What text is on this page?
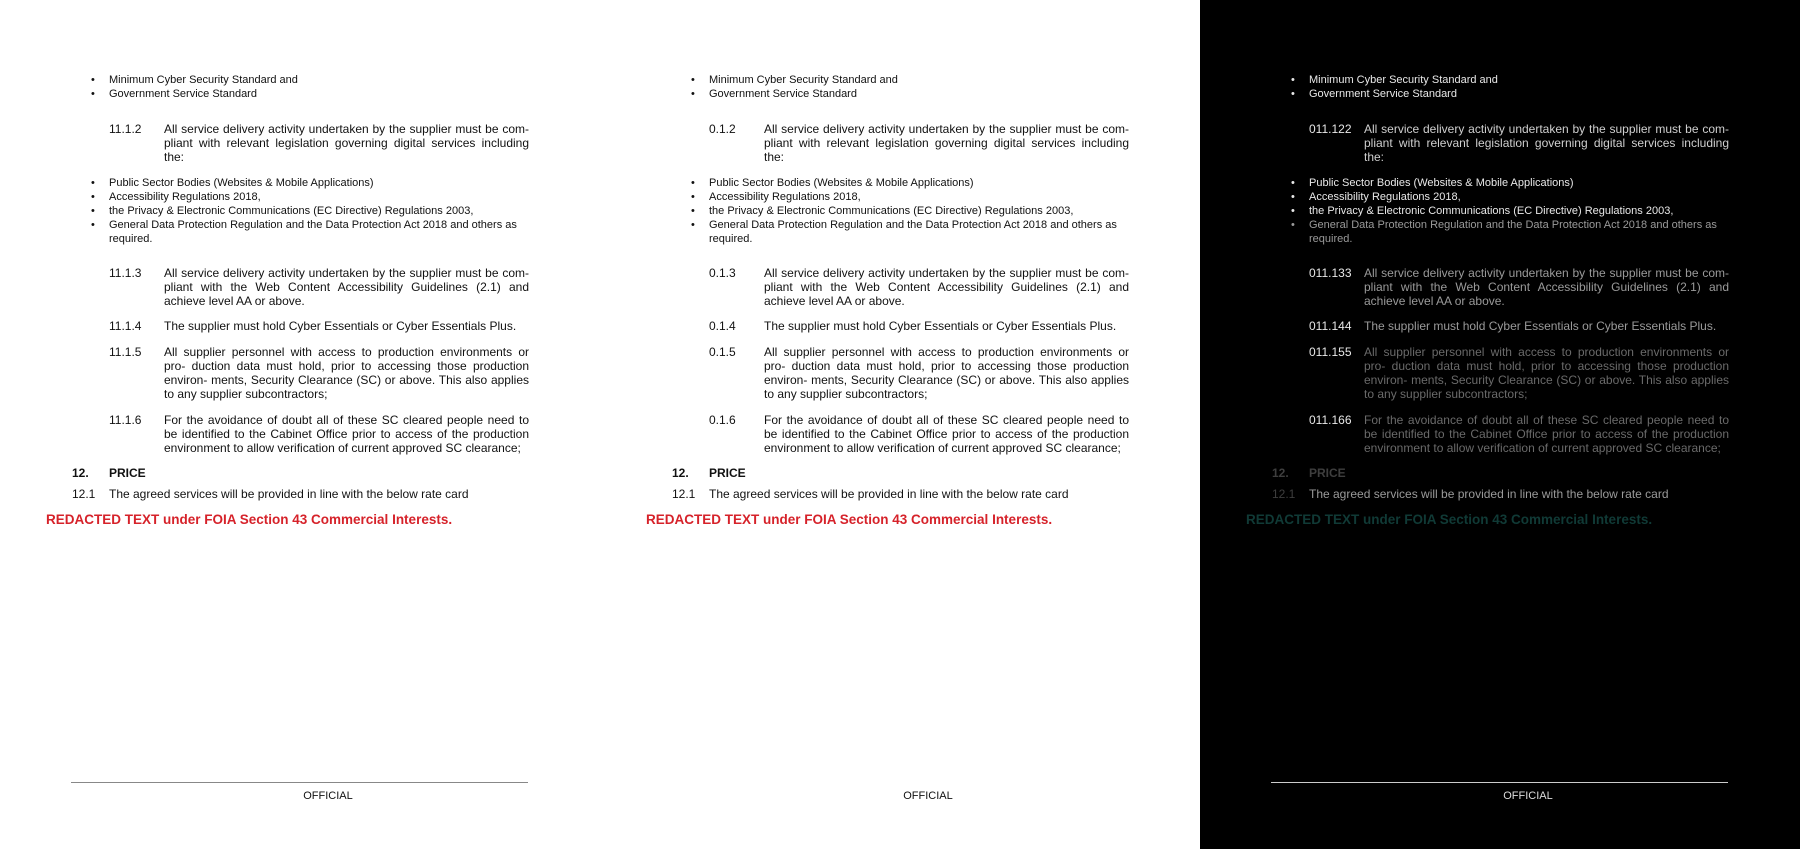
• Minimum Cyber Security Standard and

• Government Service Standard

11.1.2	All service delivery activity undertaken by the supplier must be com- pliant with relevant legislation governing digital services including the:
• Public Sector Bodies (Websites & Mobile Applications)

• Accessibility Regulations 2018,

• the Privacy & Electronic Communications (EC Directive) Regulations 2003,

• General Data Protection Regulation and the Data Protection Act 2018 and others as required.

11.1.3	All service delivery activity undertaken by the supplier must be com- pliant with the Web Content Accessibility Guidelines (2.1) and achieve level AA or above.
11.1.4	The supplier must hold Cyber Essentials or Cyber Essentials Plus.
11.1.5	All supplier personnel with access to production environments or pro- duction data must hold, prior to accessing those production environ- ments, Security Clearance (SC) or above. This also applies to any supplier subcontractors;
11.1.6	For the avoidance of doubt all of these SC cleared people need to be identified to the Cabinet Office prior to access of the production environment to allow verification of current approved SC clearance;
12. PRICE
12.1 The agreed services will be provided in line with the below rate card
REDACTED TEXT under FOIA Section 43 Commercial Interests.
OFFICIAL
• Minimum Cyber Security Standard and

• Government Service Standard

0.1.2	All service delivery activity undertaken by the supplier must be com- pliant with relevant legislation governing digital services including the:
• Public Sector Bodies (Websites & Mobile Applications)

• Accessibility Regulations 2018,

• the Privacy & Electronic Communications (EC Directive) Regulations 2003,

• General Data Protection Regulation and the Data Protection Act 2018 and others as required.

0.1.3	All service delivery activity undertaken by the supplier must be com- pliant with the Web Content Accessibility Guidelines (2.1) and achieve level AA or above.
0.1.4	The supplier must hold Cyber Essentials or Cyber Essentials Plus.
0.1.5	All supplier personnel with access to production environments or pro- duction data must hold, prior to accessing those production environ- ments, Security Clearance (SC) or above. This also applies to any supplier subcontractors;
0.1.6	For the avoidance of doubt all of these SC cleared people need to be identified to the Cabinet Office prior to access of the production environment to allow verification of current approved SC clearance;
12. PRICE
12.1 The agreed services will be provided in line with the below rate card
REDACTED TEXT under FOIA Section 43 Commercial Interests.
OFFICIAL
• Minimum Cyber Security Standard and

• Government Service Standard

011.122	All service delivery activity undertaken by the supplier must be com- pliant with relevant legislation governing digital services including the:
• Public Sector Bodies (Websites & Mobile Applications)

• Accessibility Regulations 2018,

• the Privacy & Electronic Communications (EC Directive) Regulations 2003,

• General Data Protection Regulation and the Data Protection Act 2018 and others as required.

011.133	All service delivery activity undertaken by the supplier must be com- pliant with the Web Content Accessibility Guidelines (2.1) and achieve level AA or above.
011.144	The supplier must hold Cyber Essentials or Cyber Essentials Plus.
011.155	All supplier personnel with access to production environments or pro- duction data must hold, prior to accessing those production environ- ments, Security Clearance (SC) or above. This also applies to any supplier subcontractors;
011.166	For the avoidance of doubt all of these SC cleared people need to be identified to the Cabinet Office prior to access of the production environment to allow verification of current approved SC clearance;
12. PRICE
12.1 The agreed services will be provided in line with the below rate card
REDACTED TEXT under FOIA Section 43 Commercial Interests.
OFFICIAL
